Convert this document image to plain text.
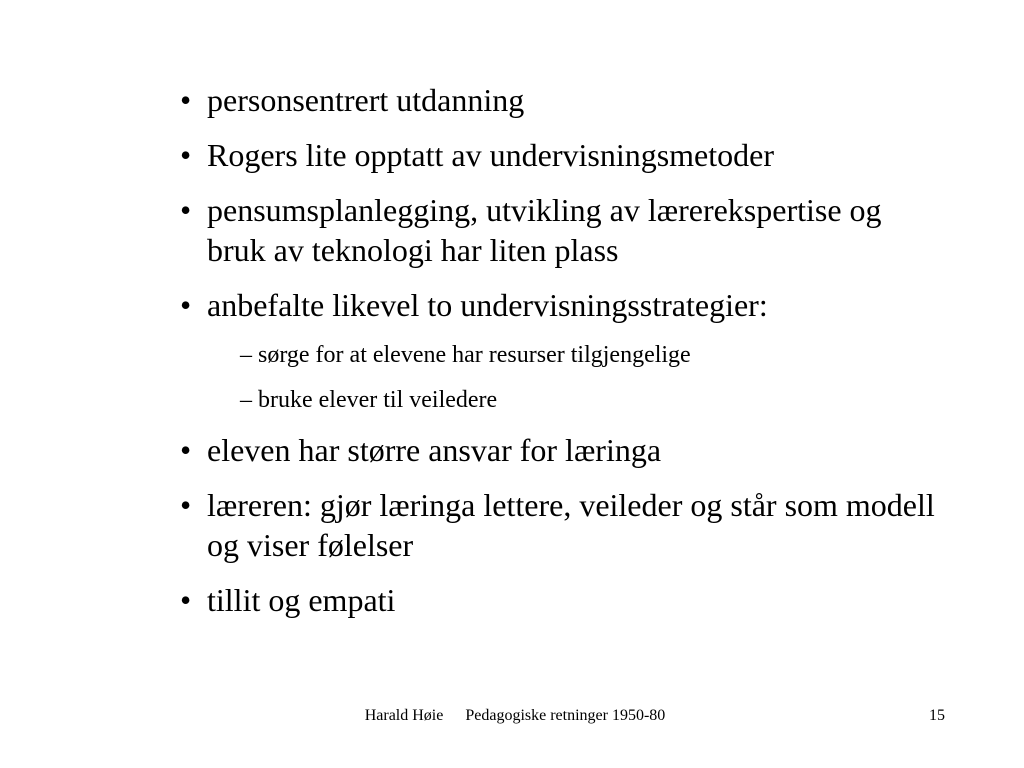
• personsentrert utdanning
• Rogers lite opptatt av undervisningsmetoder
• pensumsplanlegging, utvikling av lærerekspertise og bruk av teknologi har liten plass
• anbefalte likevel to undervisningsstrategier:
– sørge for at elevene har resurser tilgjengelige
– bruke elever til veiledere
• eleven har større ansvar for læringa
• læreren: gjør læringa lettere, veileder og står som modell og viser følelser
• tillit og empati
Harald Høie Pedagogiske retninger 1950-80	15
